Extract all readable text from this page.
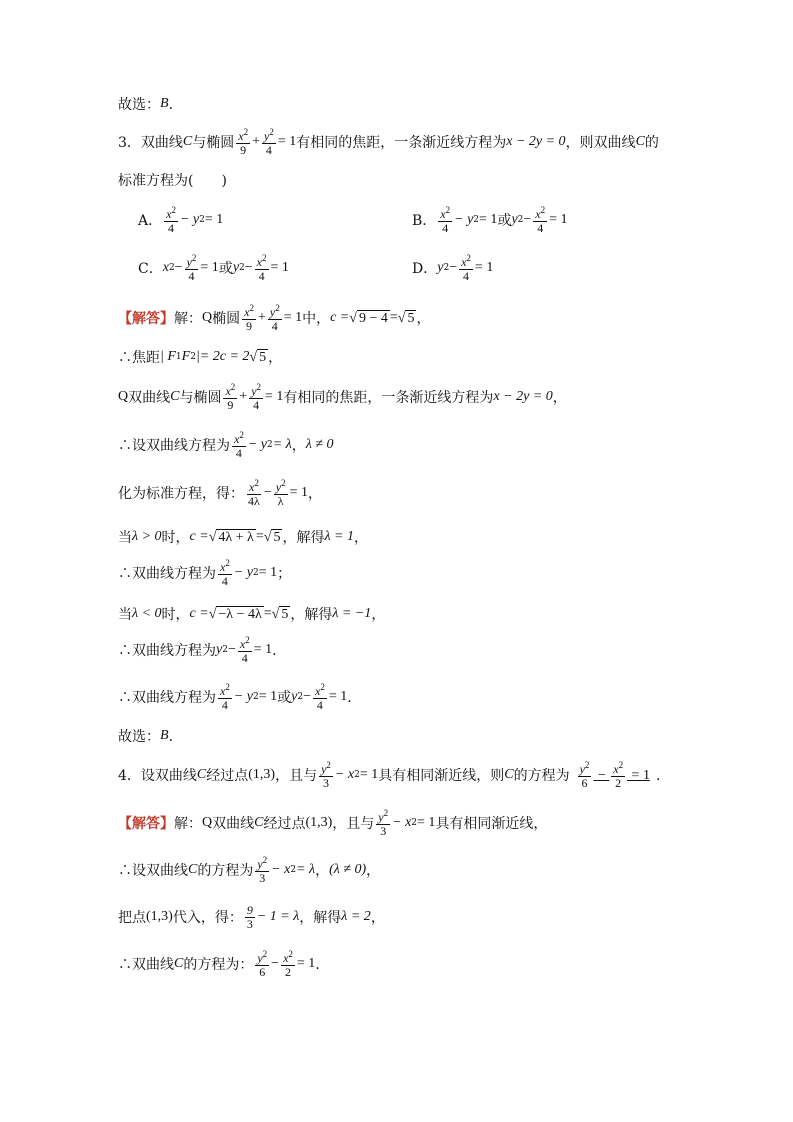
故选： B ．
3． 双曲线 C 与椭圆 $\frac{x^2}{9} + \frac{y^2}{4} = 1$ 有相同的焦距，一条渐近线方程为 x − 2y = 0 ，则双曲线 C 的
标准方程为(　　)
A． $\frac{x^2}{4} - y$ 2 = 1	B． $\frac{x^2}{4} - y$ 2 = 1 或 y $2 - \frac{x^2}{4} = 1$
C． x $2 - \frac{y^2}{4} = 1$ 或 y $2 - \frac{x^2}{4} = 1$	D． y $2 - \frac{x^2}{4} = 1$
【解答】 解： Q 椭圆 $\frac{x^2}{9} + \frac{y^2}{4} = 1$ 中， c = √ 9 − 4 = √ 5 ，
∴焦距 | F 1 F 2 |= 2c = 2 √ 5 ，
Q 双曲线 C 与椭圆 $\frac{x^2}{9} + \frac{y^2}{4} = 1$ 有相同的焦距，一条渐近线方程为 x − 2y = 0 ，
∴设双曲线方程为 $\frac{x^2}{4} - y$ 2 = λ ， λ ≠ 0
化为标准方程，得： $\frac{x^2}{4\lambda} - \frac{y^2}{\lambda} = 1$ ，
当 λ > 0 时， c = √ 4λ + λ = √ 5 ，解得 λ = 1 ，
∴双曲线方程为 $\frac{x^2}{4} - y$ 2 = 1 ；
当 λ < 0 时， c = √ −λ − 4λ = √ 5 ，解得 λ = −1 ，
∴双曲线方程为 y $2 - \frac{x^2}{4} = 1$ ．
∴双曲线方程为 $\frac{x^2}{4} - y$ 2 = 1 或 y $2 - \frac{x^2}{4} = 1$ ．
故选： B ．
4． 设双曲线 C 经过点 (1,3) ，且与 $\frac{y^2}{3} - x$ 2 = 1 具有相同渐近线，则 C 的方程为 $\frac{y^2}{6} - \frac{x^2}{2} = 1$ ．
【解答】 解： Q 双曲线 C 经过点 (1,3) ，且与 $\frac{y^2}{3} - x$ 2 = 1 具有相同渐近线，
∴设双曲线 C 的方程为 $\frac{y^2}{3} - x$ 2 = λ ， (λ ≠ 0) ，
把点 (1,3) 代入，得： $\frac{9}{3} - 1 = \lambda$ ，解得 λ = 2 ，
∴双曲线 C 的方程为： $\frac{y^2}{6} - \frac{x^2}{2} = 1$ ．
